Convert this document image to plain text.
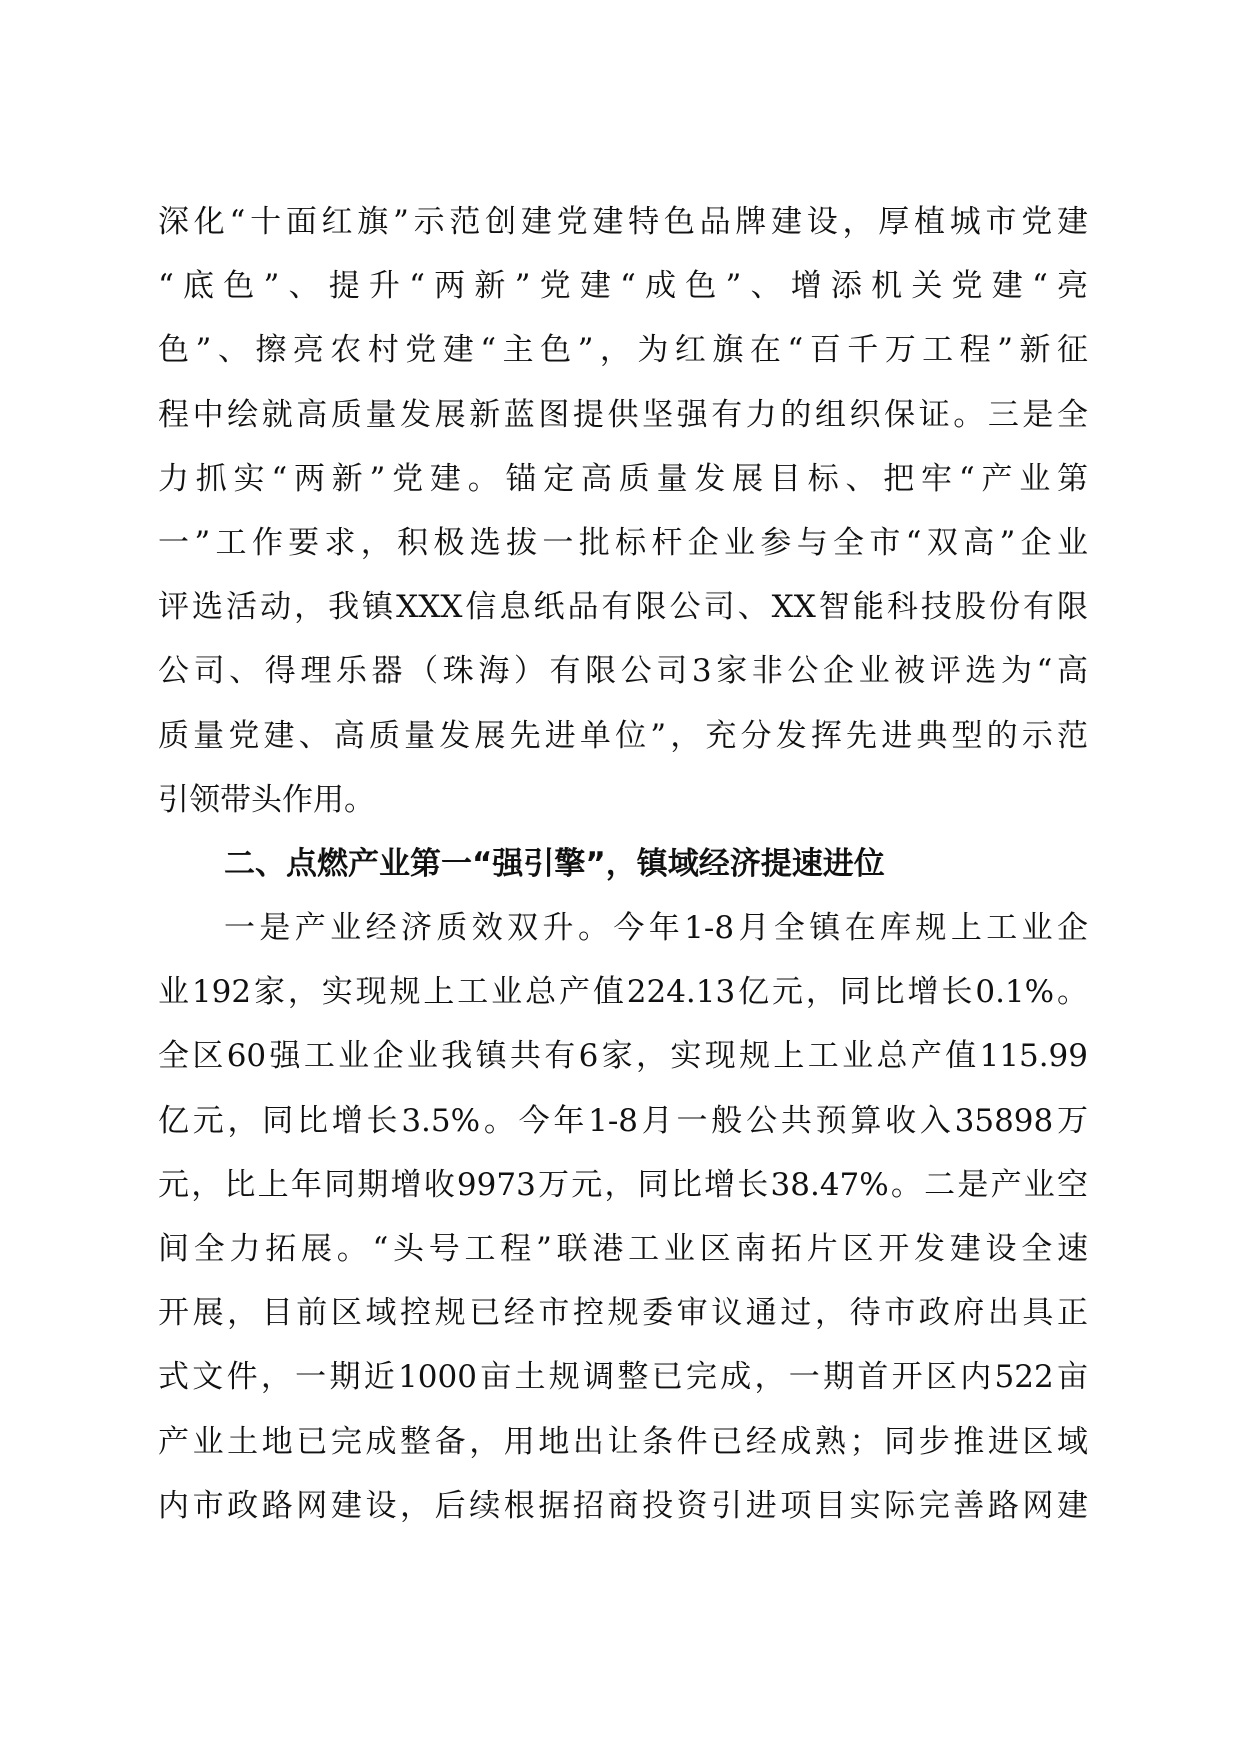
深化“十面红旗”示范创建党建特色品牌建设，厚植城市党建
“底色”、提升“两新”党建“成色”、增添机关党建“亮
色”、擦亮农村党建“主色”，为红旗在“百千万工程”新征
程中绘就高质量发展新蓝图提供坚强有力的组织保证。三是全
力抓实“两新”党建。锚定高质量发展目标、把牢“产业第
一”工作要求，积极选拔一批标杆企业参与全市“双高”企业
评选活动，我镇XXX信息纸品有限公司、XX智能科技股份有限
公司、得理乐器（珠海）有限公司3家非公企业被评选为“高
质量党建、高质量发展先进单位”，充分发挥先进典型的示范
引领带头作用。
二、点燃产业第一“强引擎”，镇域经济提速进位
一是产业经济质效双升。今年1-8月全镇在库规上工业企
业192家，实现规上工业总产值224.13亿元，同比增长0.1%。
全区60强工业企业我镇共有6家，实现规上工业总产值115.99
亿元，同比增长3.5%。今年1-8月一般公共预算收入35898万
元，比上年同期增收9973万元，同比增长38.47%。二是产业空
间全力拓展。“头号工程”联港工业区南拓片区开发建设全速
开展，目前区域控规已经市控规委审议通过，待市政府出具正
式文件，一期近1000亩土规调整已完成，一期首开区内522亩
产业土地已完成整备，用地出让条件已经成熟；同步推进区域
内市政路网建设，后续根据招商投资引进项目实际完善路网建
